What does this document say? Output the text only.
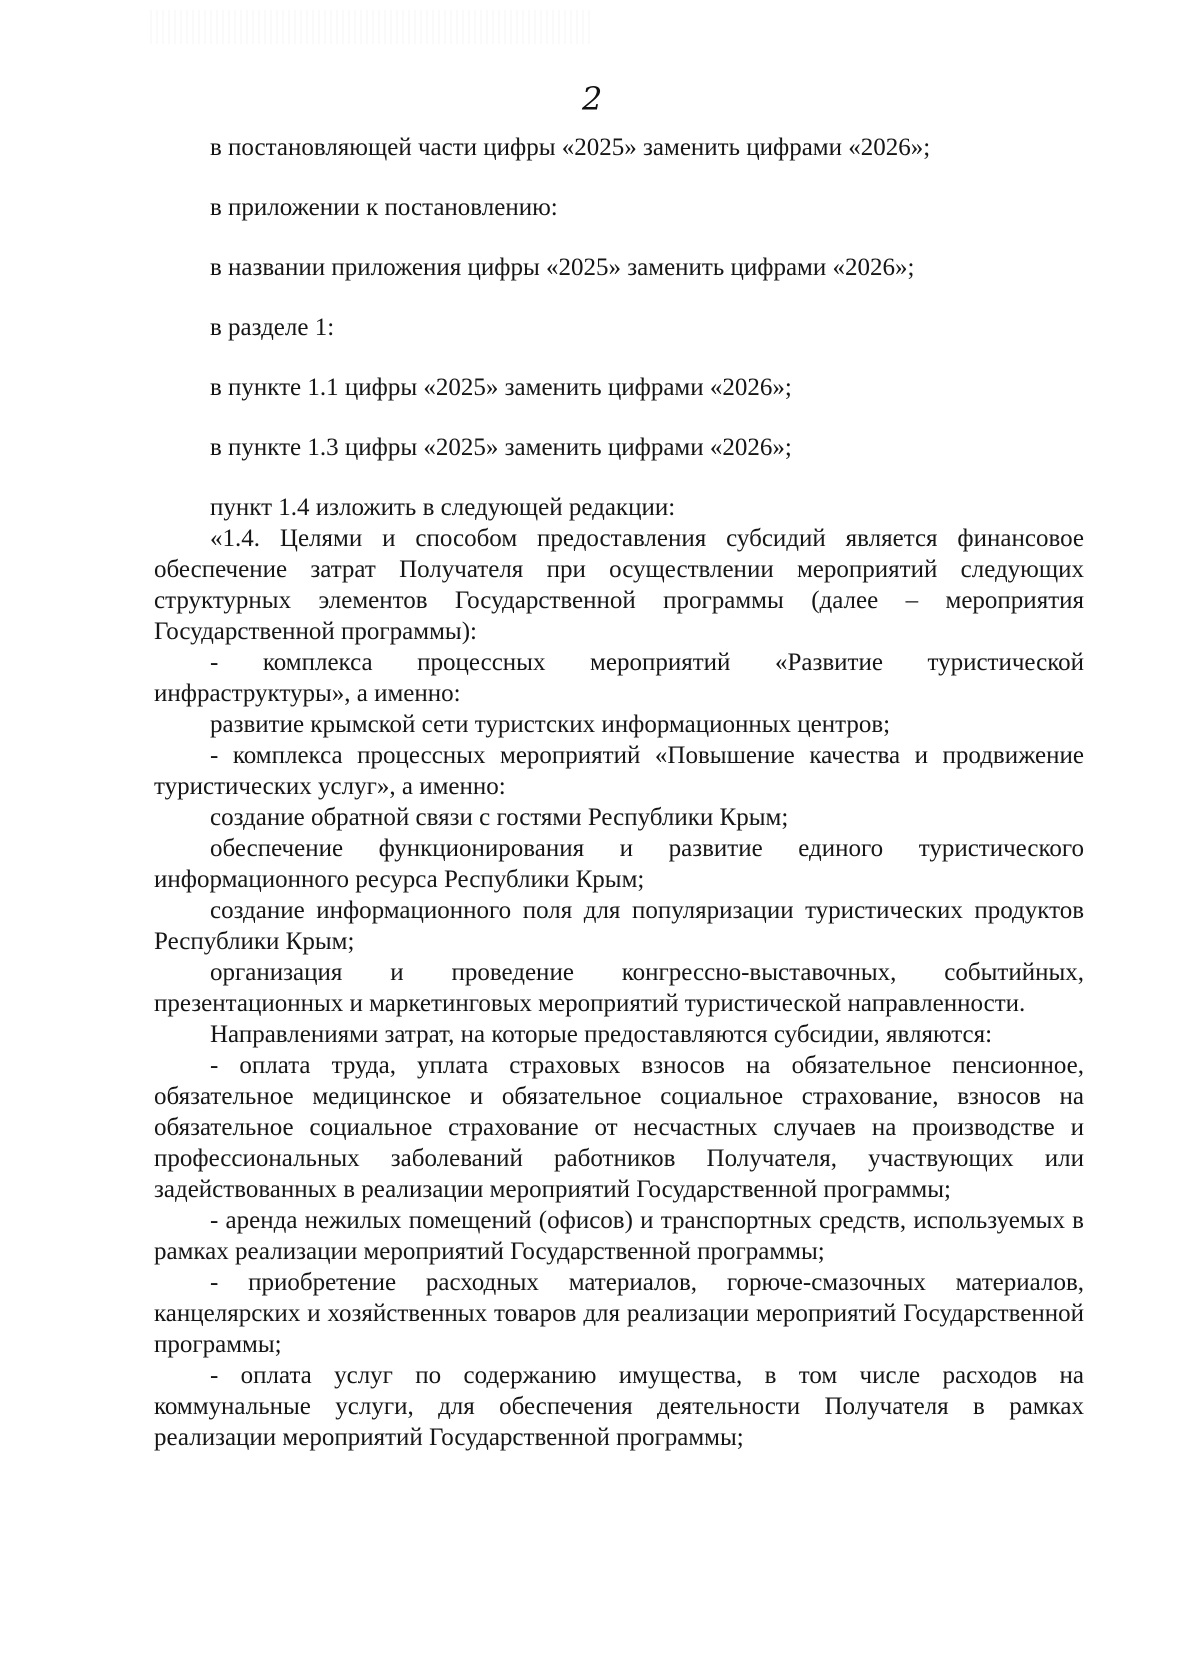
2

в постановляющей части цифры «2025» заменить цифрами «2026»;

в приложении к постановлению:

в названии приложения цифры «2025» заменить цифрами «2026»;

в разделе 1:

в пункте 1.1 цифры «2025» заменить цифрами «2026»;

в пункте 1.3 цифры «2025» заменить цифрами «2026»;

пункт 1.4 изложить в следующей редакции:

«1.4. Целями и способом предоставления субсидий является финансовое обеспечение затрат Получателя при осуществлении мероприятий следующих структурных элементов Государственной программы (далее – мероприятия Государственной программы):

- комплекса процессных мероприятий «Развитие туристической инфраструктуры», а именно:

развитие крымской сети туристских информационных центров;

- комплекса процессных мероприятий «Повышение качества и продвижение туристических услуг», а именно:

создание обратной связи с гостями Республики Крым;

обеспечение функционирования и развитие единого туристического информационного ресурса Республики Крым;

создание информационного поля для популяризации туристических продуктов Республики Крым;

организация и проведение конгрессно-выставочных, событийных, презентационных и маркетинговых мероприятий туристической направленности.

Направлениями затрат, на которые предоставляются субсидии, являются:

- оплата труда, уплата страховых взносов на обязательное пенсионное, обязательное медицинское и обязательное социальное страхование, взносов на обязательное социальное страхование от несчастных случаев на производстве и профессиональных заболеваний работников Получателя, участвующих или задействованных в реализации мероприятий Государственной программы;

- аренда нежилых помещений (офисов) и транспортных средств, используемых в рамках реализации мероприятий Государственной программы;

- приобретение расходных материалов, горюче-смазочных материалов, канцелярских и хозяйственных товаров для реализации мероприятий Государственной программы;

- оплата услуг по содержанию имущества, в том числе расходов на коммунальные услуги, для обеспечения деятельности Получателя в рамках реализации мероприятий Государственной программы;
